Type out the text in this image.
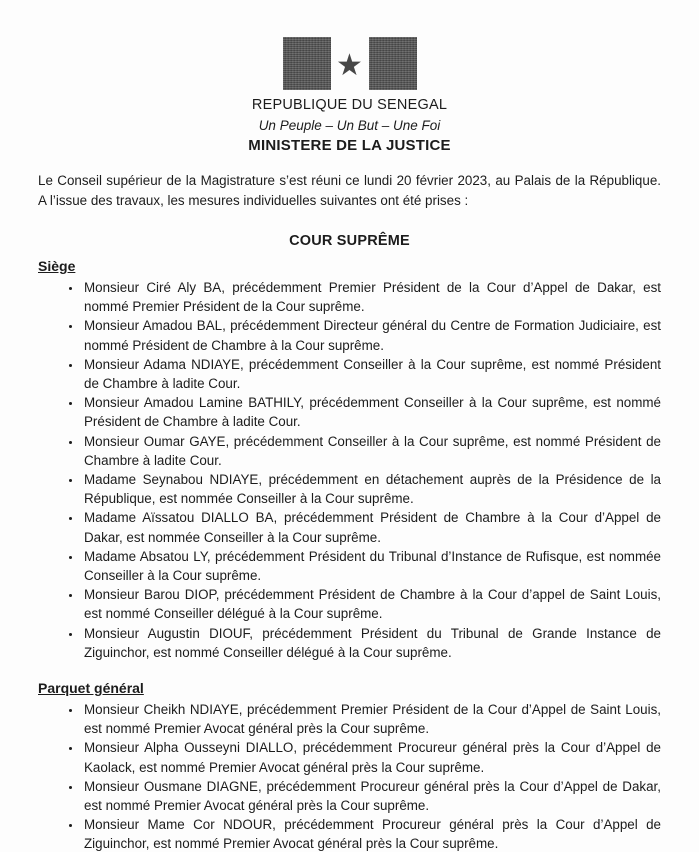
★
REPUBLIQUE DU SENEGAL
Un Peuple – Un But – Une Foi
MINISTERE DE LA JUSTICE

Le Conseil supérieur de la Magistrature s’est réuni ce lundi 20 février 2023, au Palais de la République. A l’issue des travaux, les mesures individuelles suivantes ont été prises :

COUR SUPRÊME
Siège
• Monsieur Ciré Aly BA, précédemment Premier Président de la Cour d’Appel de Dakar, est nommé Premier Président de la Cour suprême.
• Monsieur Amadou BAL, précédemment Directeur général du Centre de Formation Judiciaire, est nommé Président de Chambre à la Cour suprême.
• Monsieur Adama NDIAYE, précédemment Conseiller à la Cour suprême, est nommé Président de Chambre à ladite Cour.
• Monsieur Amadou Lamine BATHILY, précédemment Conseiller à la Cour suprême, est nommé Président de Chambre à ladite Cour.
• Monsieur Oumar GAYE, précédemment Conseiller à la Cour suprême, est nommé Président de Chambre à ladite Cour.
• Madame Seynabou NDIAYE, précédemment en détachement auprès de la Présidence de la République, est nommée Conseiller à la Cour suprême.
• Madame Aïssatou DIALLO BA, précédemment Président de Chambre à la Cour d’Appel de Dakar, est nommée Conseiller à la Cour suprême.
• Madame Absatou LY, précédemment Président du Tribunal d’Instance de Rufisque, est nommée Conseiller à la Cour suprême.
• Monsieur Barou DIOP, précédemment Président de Chambre à la Cour d’appel de Saint Louis, est nommé Conseiller délégué à la Cour suprême.
• Monsieur Augustin DIOUF, précédemment Président du Tribunal de Grande Instance de Ziguinchor, est nommé Conseiller délégué à la Cour suprême.
Parquet général
• Monsieur Cheikh NDIAYE, précédemment Premier Président de la Cour d’Appel de Saint Louis, est nommé Premier Avocat général près la Cour suprême.
• Monsieur Alpha Ousseyni DIALLO, précédemment Procureur général près la Cour d’Appel de Kaolack, est nommé Premier Avocat général près la Cour suprême.
• Monsieur Ousmane DIAGNE, précédemment Procureur général près la Cour d’Appel de Dakar, est nommé Premier Avocat général près la Cour suprême.
• Monsieur Mame Cor NDOUR, précédemment Procureur général près la Cour d’Appel de Ziguinchor, est nommé Premier Avocat général près la Cour suprême.
